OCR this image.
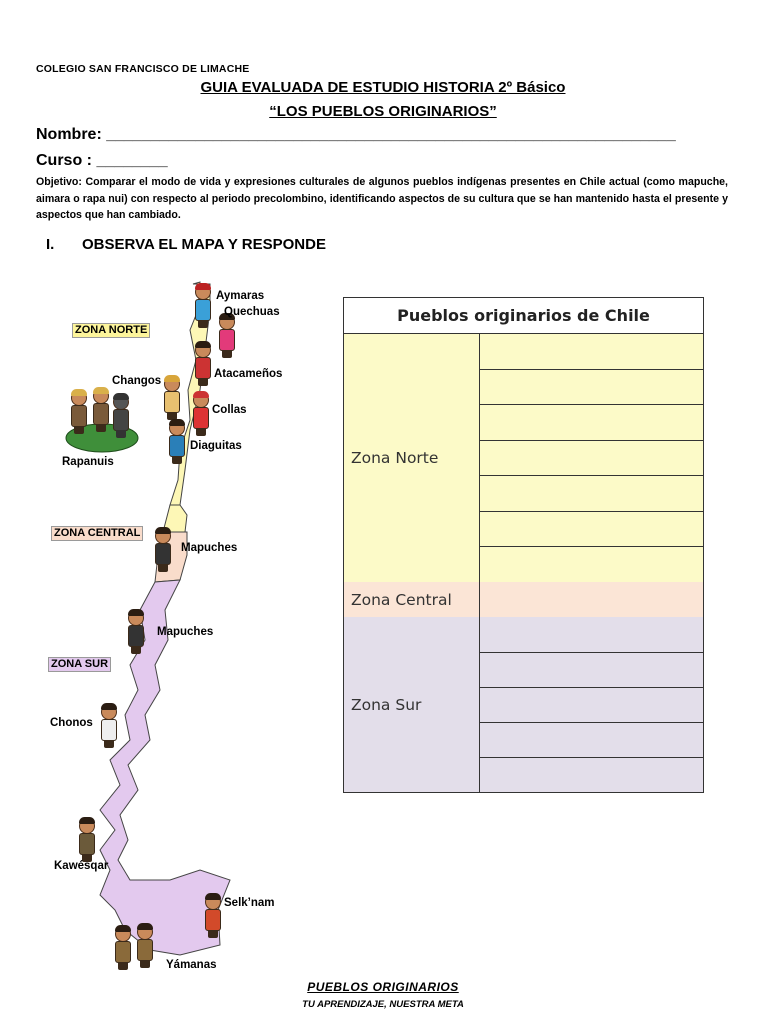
COLEGIO SAN FRANCISCO DE LIMACHE
GUIA EVALUADA DE ESTUDIO HISTORIA 2º Básico
“LOS PUEBLOS ORIGINARIOS”
Nombre: ________________________________________________________________
Curso : ________
Objetivo: Comparar el modo de vida y expresiones culturales de algunos pueblos indígenas presentes en Chile actual (como mapuche, aimara o rapa nui) con respecto al periodo precolombino, identificando aspectos de su cultura que se han mantenido hasta el presente y aspectos que han cambiado.
I. OBSERVA EL MAPA Y RESPONDE
ZONA NORTE
ZONA CENTRAL
ZONA SUR
Aymaras
Quechuas
Atacameños
Changos
Collas
Diaguitas
Rapanuis
Mapuches
Mapuches
Chonos
Kawésqar
Selk’nam
Yámanas
Pueblos originarios de Chile
Zona Norte
Zona Central
Zona Sur
PUEBLOS ORIGINARIOS
TU APRENDIZAJE, NUESTRA META
